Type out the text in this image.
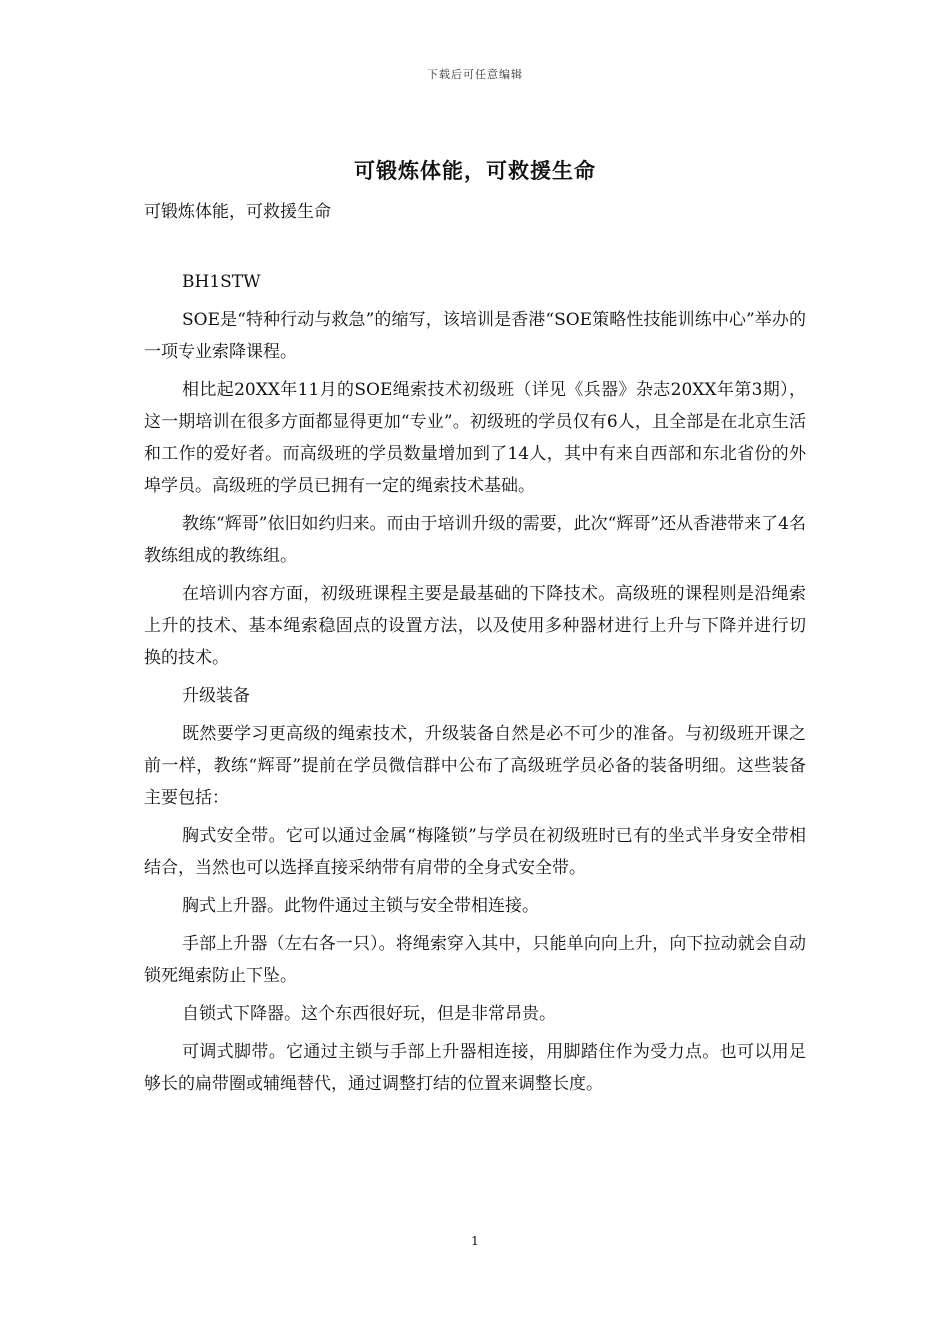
下载后可任意编辑
可锻炼体能，可救援生命

可锻炼体能，可救援生命

BH1STW

SOE是“特种行动与救急”的缩写，该培训是香港“SOE策略性技能训练中心”举办的一项专业索降课程。

相比起20XX年11月的SOE绳索技术初级班（详见《兵器》杂志20XX年第3期），这一期培训在很多方面都显得更加“专业”。初级班的学员仅有6人，且全部是在北京生活和工作的爱好者。而高级班的学员数量增加到了14人，其中有来自西部和东北省份的外埠学员。高级班的学员已拥有一定的绳索技术基础。

教练“辉哥”依旧如约归来。而由于培训升级的需要，此次“辉哥”还从香港带来了4名教练组成的教练组。

在培训内容方面，初级班课程主要是最基础的下降技术。高级班的课程则是沿绳索上升的技术、基本绳索稳固点的设置方法，以及使用多种器材进行上升与下降并进行切换的技术。

升级装备

既然要学习更高级的绳索技术，升级装备自然是必不可少的准备。与初级班开课之前一样，教练“辉哥”提前在学员微信群中公布了高级班学员必备的装备明细。这些装备主要包括：

胸式安全带。它可以通过金属“梅隆锁”与学员在初级班时已有的坐式半身安全带相结合，当然也可以选择直接采纳带有肩带的全身式安全带。

胸式上升器。此物件通过主锁与安全带相连接。

手部上升器（左右各一只）。将绳索穿入其中，只能单向向上升，向下拉动就会自动锁死绳索防止下坠。

自锁式下降器。这个东西很好玩，但是非常昂贵。

可调式脚带。它通过主锁与手部上升器相连接，用脚踏住作为受力点。也可以用足够长的扁带圈或辅绳替代，通过调整打结的位置来调整长度。

1
